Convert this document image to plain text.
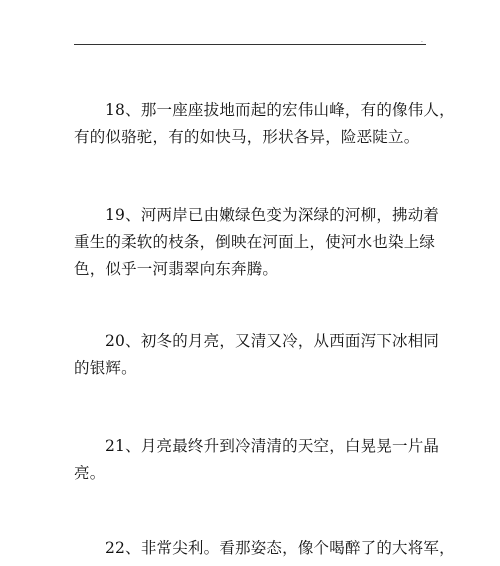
.
18、那一座座拔地而起的宏伟山峰，有的像伟人，
有的似骆驼，有的如快马，形状各异，险恶陡立。
19、河两岸已由嫩绿色变为深绿的河柳，拂动着
重生的柔软的枝条，倒映在河面上，使河水也染上绿
色，似乎一河翡翠向东奔腾。
20、初冬的月亮，又清又冷，从西面泻下冰相同
的银辉。
21、月亮最终升到冷清清的天空，白晃晃一片晶
亮。
22、非常尖利。看那姿态，像个喝醉了的大将军，
